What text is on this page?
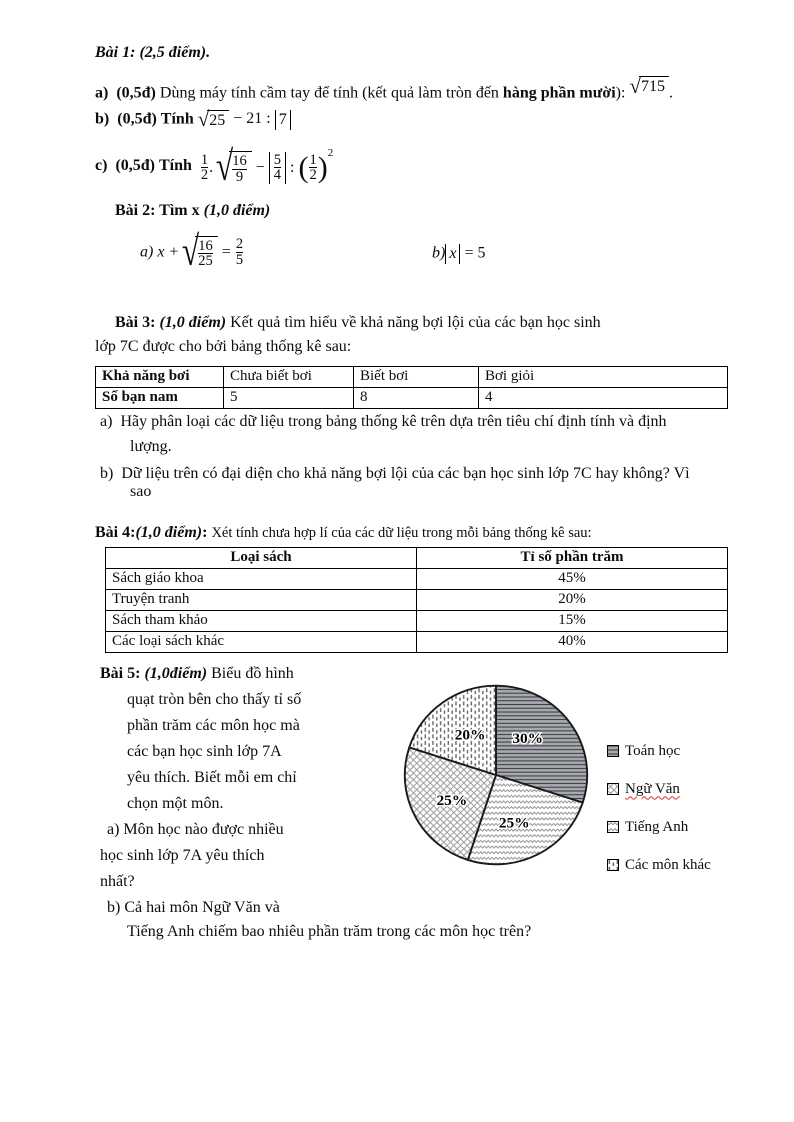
Bài 1: (2,5 điểm).
a) (0,5đ) Dùng máy tính cầm tay để tính (kết quả làm tròn đến hàng phần mười): √715 .
b) (0,5đ) Tính √25 − 21 : 7
c)
(0,5đ)
Tính
$\frac{1}{2}$ .√
$\frac{16}{9} - \frac{5}{4}$ : ( $\frac{1}{2} )^2$
Bài 2: Tìm x (1,0 điểm)
a) x +√
$\frac{16}{25} = \frac{2}{5}$	b) x = 5
Bài 3: (1,0 điểm) Kết quả tìm hiểu về khả năng bợi lội của các bạn học sinh
lớp 7C được cho bởi bảng thống kê sau:
Khả năng bơi	Chưa biết bơi	Biết bơi	Bơi giỏi
Số bạn nam	5	8	4
a) Hãy phân loại các dữ liệu trong bảng thống kê trên dựa trên tiêu chí định tính và định
lượng.
b) Dữ liệu trên có đại diện cho khả năng bợi lội của các bạn học sinh lớp 7C hay không? Vì
sao
Bài 4:(1,0 điểm): Xét tính chưa hợp lí của các dữ liệu trong mỗi bảng thống kê sau:
Loại sách	Tỉ số phần trăm
Sách giáo khoa	45%
Truyện tranh	20%
Sách tham khảo	15%
Các loại sách khác	40%
Bài 5: (1,0điểm) Biểu đồ hình
quạt tròn bên cho thấy tỉ số
phần trăm các môn học mà
các bạn học sinh lớp 7A
yêu thích. Biết mỗi em chỉ
chọn một môn.
a) Môn học nào được nhiều
học sinh lớp 7A yêu thích
nhất?
b) Cả hai môn Ngữ Văn và
30%
25%
25%
20%
Toán học
Ngữ Văn
Tiếng Anh
Các môn khác
Tiếng Anh chiếm bao nhiêu phần trăm trong các môn học trên?
